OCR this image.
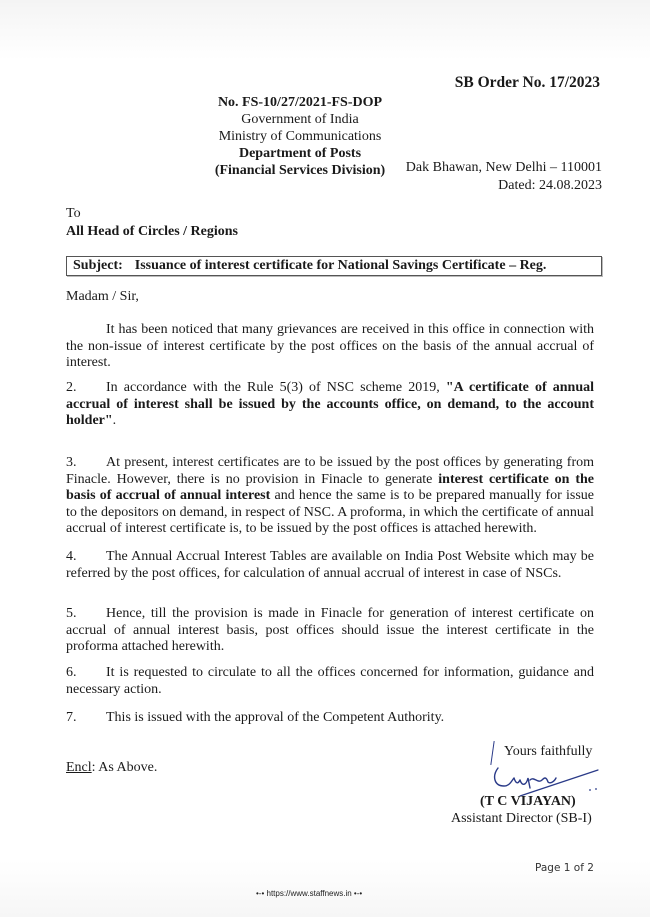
SB Order No. 17/2023
No. FS-10/27/2021-FS-DOP
Government of India
Ministry of Communications
Department of Posts
(Financial Services Division)	Dak Bhawan, New Delhi – 110001
Dated: 24.08.2023
To
All Head of Circles / Regions
Subject: Issuance of interest certificate for National Savings Certificate – Reg.
Madam / Sir,
It has been noticed that many grievances are received in this office in connection with the non-issue of interest certificate by the post offices on the basis of the annual accrual of interest.
2. In accordance with the Rule 5(3) of NSC scheme 2019, "A certificate of annual accrual of interest shall be issued by the accounts office, on demand, to the account holder".
3. At present, interest certificates are to be issued by the post offices by generating from Finacle. However, there is no provision in Finacle to generate interest certificate on the basis of accrual of annual interest and hence the same is to be prepared manually for issue to the depositors on demand, in respect of NSC. A proforma, in which the certificate of annual accrual of interest certificate is, to be issued by the post offices is attached herewith.
4. The Annual Accrual Interest Tables are available on India Post Website which may be referred by the post offices, for calculation of annual accrual of interest in case of NSCs.
5. Hence, till the provision is made in Finacle for generation of interest certificate on accrual of annual interest basis, post offices should issue the interest certificate in the proforma attached herewith.
6. It is requested to circulate to all the offices concerned for information, guidance and necessary action.
7. This is issued with the approval of the Competent Authority.
Encl: As Above.
Yours faithfully
(T C VIJAYAN)
Assistant Director (SB-I)
Page 1 of 2
•-• https://www.staffnews.in •-•
